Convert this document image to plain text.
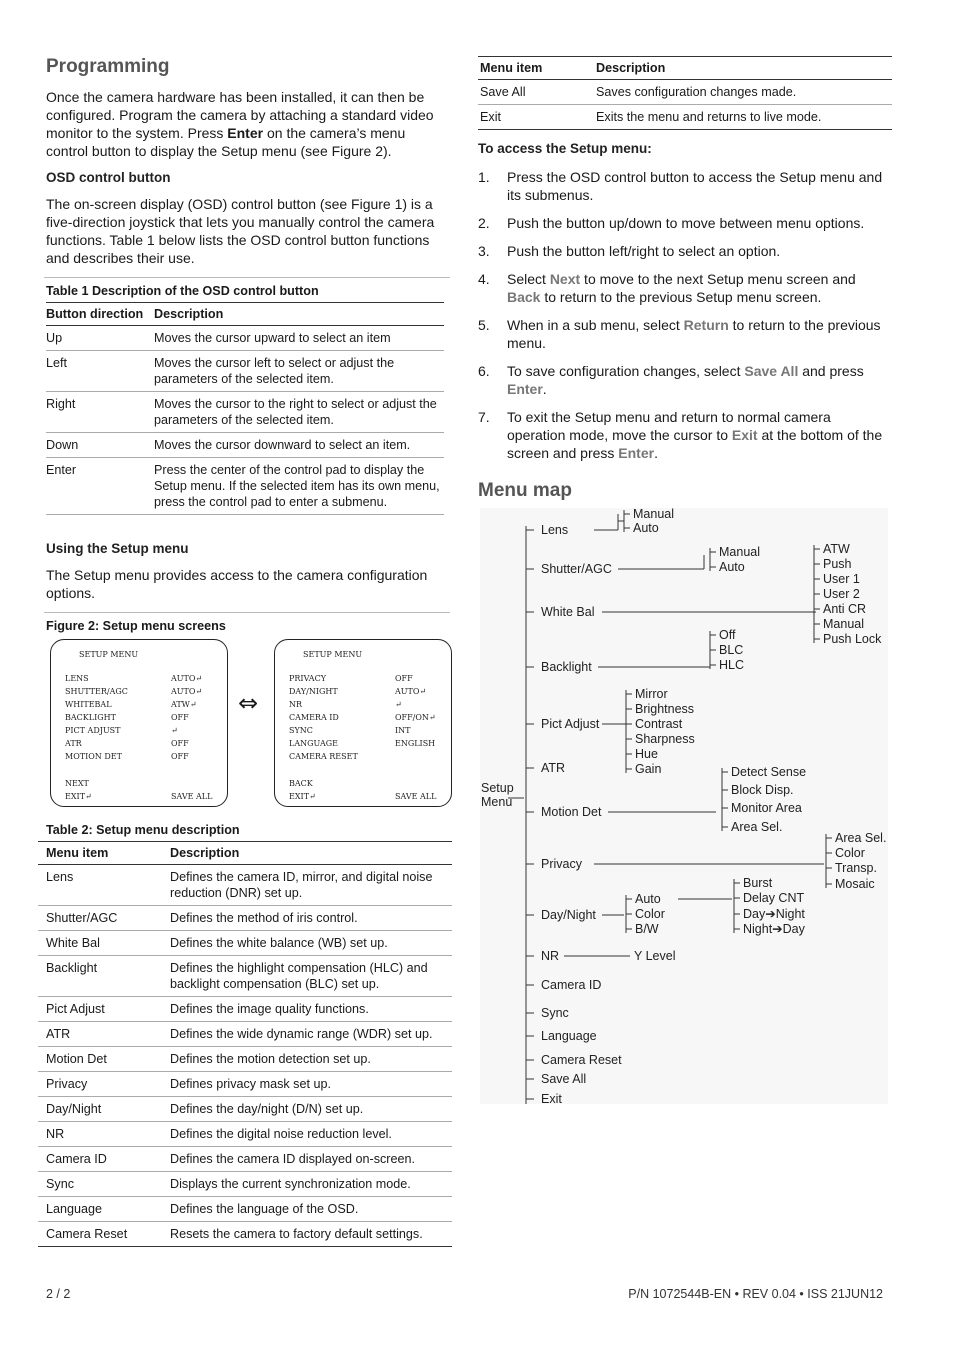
Programming

Once the camera hardware has been installed, it can then be configured. Program the camera by attaching a standard video monitor to the system. Press Enter on the camera’s menu control button to display the Setup menu (see Figure 2).

OSD control button

The on-screen display (OSD) control button (see Figure 1) is a five-direction joystick that lets you manually control the camera functions. Table 1 below lists the OSD control button functions and describes their use.

Table 1 Description of the OSD control button
Button direction	Description
Up	Moves the cursor upward to select an item
Left	Moves the cursor left to select or adjust the parameters of the selected item.
Right	Moves the cursor to the right to select or adjust the parameters of the selected item.
Down	Moves the cursor downward to select an item.
Enter	Press the center of the control pad to display the Setup menu. If the selected item has its own menu, press the control pad to enter a submenu.
Using the Setup menu

The Setup menu provides access to the camera configuration options.

Figure 2: Setup menu screens
SETUP MENU
LENS	AUTO↵
SHUTTER/AGC	AUTO↵
WHITEBAL	ATW↵
BACKLIGHT	OFF
PICT ADJUST	↵
ATR	OFF
MOTION DET	OFF
NEXT
EXIT↵	SAVE ALL
⇔
SETUP MENU
PRIVACY	OFF
DAY/NIGHT	AUTO↵
NR	↵
CAMERA ID	OFF/ON↵
SYNC	INT
LANGUAGE	ENGLISH
CAMERA RESET
BACK
EXIT↵	SAVE ALL
Table 2: Setup menu description
Menu item	Description
Lens	Defines the camera ID, mirror, and digital noise reduction (DNR) set up.
Shutter/AGC	Defines the method of iris control.
White Bal	Defines the white balance (WB) set up.
Backlight	Defines the highlight compensation (HLC) and backlight compensation (BLC) set up.
Pict Adjust	Defines the image quality functions.
ATR	Defines the wide dynamic range (WDR) set up.
Motion Det	Defines the motion detection set up.
Privacy	Defines privacy mask set up.
Day/Night	Defines the day/night (D/N) set up.
NR	Defines the digital noise reduction level.
Camera ID	Defines the camera ID displayed on-screen.
Sync	Displays the current synchronization mode.
Language	Defines the language of the OSD.
Camera Reset	Resets the camera to factory default settings.
Menu item	Description
Save All	Saves configuration changes made.
Exit	Exits the menu and returns to live mode.
To access the Setup menu:
1. Press the OSD control button to access the Setup menu and its submenus.
2. Push the button up/down to move between menu options.
3. Push the button left/right to select an option.
4. Select Next to move to the next Setup menu screen and Back to return to the previous Setup menu screen.
5. When in a sub menu, select Return to return to the previous menu.
6. To save configuration changes, select Save All and press Enter.
7. To exit the Setup menu and return to normal camera operation mode, move the cursor to Exit at the bottom of the screen and press Enter.
Menu map
Setup
Menu
Lens
Shutter/AGC
White Bal
Backlight
Pict Adjust
ATR
Motion Det
Privacy
Day/Night
NR
Camera ID
Sync
Language
Camera Reset
Save All
Exit
Manual
Auto
Manual
Auto
ATW
Push
User 1
User 2
Anti CR
Manual
Push Lock
Off
BLC
HLC
Mirror
Brightness
Contrast
Sharpness
Hue
Gain	Detect Sense
Block Disp.
Monitor Area
Area Sel.
Area Sel.
Color
Transp.
Mosaic
Auto
Color
B/W
Burst
Delay CNT
Day➔Night
Night➔Day
Y Level
2 / 2	P/N 1072544B-EN • REV 0.04 • ISS 21JUN12
